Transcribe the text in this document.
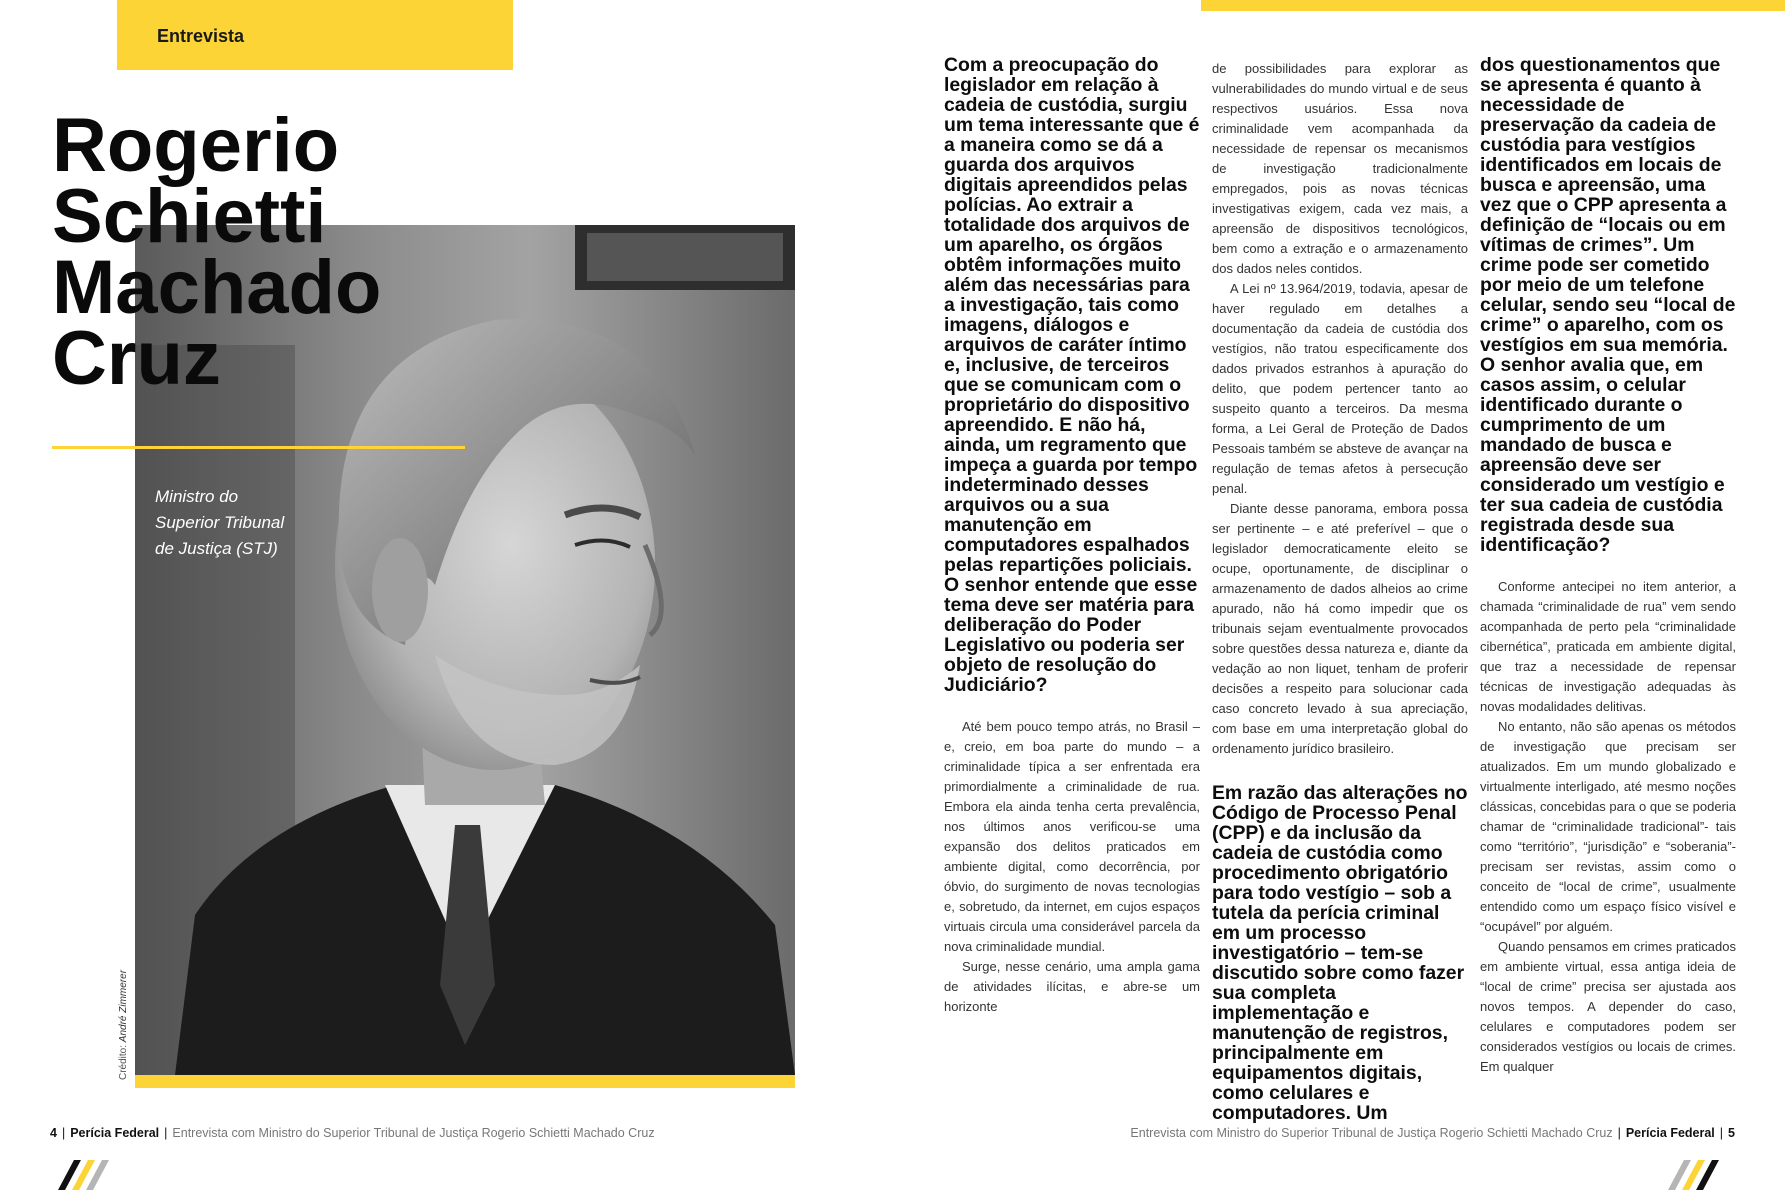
Entrevista
Crédito: André Zimmerer
Rogerio
Schietti
Machado
Cruz
Ministro do
Superior Tribunal
de Justiça (STJ)

Com a preocupação do legislador em relação à cadeia de custódia, surgiu um tema interessante que é a maneira como se dá a guarda dos arquivos digitais apreendidos pelas polícias. Ao extrair a totalidade dos arquivos de um aparelho, os órgãos obtêm informações muito além das necessárias para a investigação, tais como imagens, diálogos e arquivos de caráter íntimo e, inclusive, de terceiros que se comunicam com o proprietário do dispositivo apreendido. E não há, ainda, um regramento que impeça a guarda por tempo indeterminado desses arquivos ou a sua manutenção em computadores espalhados pelas repartições policiais. O senhor entende que esse tema deve ser matéria para deliberação do Poder Legislativo ou poderia ser objeto de resolução do Judiciário?

Até bem pouco tempo atrás, no Brasil – e, creio, em boa parte do mundo – a criminalidade típica a ser enfrentada era primordialmente a criminalidade de rua. Embora ela ainda tenha certa prevalência, nos últimos anos verificou-se uma expansão dos delitos praticados em ambiente digital, como decorrência, por óbvio, do surgimento de novas tecnologias e, sobretudo, da internet, em cujos espaços virtuais circula uma considerável parcela da nova criminalidade mundial.

Surge, nesse cenário, uma ampla gama de atividades ilícitas, e abre-se um horizonte

de possibilidades para explorar as vulnerabilidades do mundo virtual e de seus respectivos usuários. Essa nova criminalidade vem acompanhada da necessidade de repensar os mecanismos de investigação tradicionalmente empregados, pois as novas técnicas investigativas exigem, cada vez mais, a apreensão de dispositivos tecnológicos, bem como a extração e o armazenamento dos dados neles contidos.

A Lei nº 13.964/2019, todavia, apesar de haver regulado em detalhes a documentação da cadeia de custódia dos vestígios, não tratou especificamente dos dados privados estranhos à apuração do delito, que podem pertencer tanto ao suspeito quanto a terceiros. Da mesma forma, a Lei Geral de Proteção de Dados Pessoais também se absteve de avançar na regulação de temas afetos à persecução penal.

Diante desse panorama, embora possa ser pertinente – e até preferível – que o legislador democraticamente eleito se ocupe, oportunamente, de disciplinar o armazenamento de dados alheios ao crime apurado, não há como impedir que os tribunais sejam eventualmente provocados sobre questões dessa natureza e, diante da vedação ao non liquet, tenham de proferir decisões a respeito para solucionar cada caso concreto levado à sua apreciação, com base em uma interpretação global do ordenamento jurídico brasileiro.

Em razão das alterações no Código de Processo Penal (CPP) e da inclusão da cadeia de custódia como procedimento obrigatório para todo vestígio – sob a tutela da perícia criminal em um processo investigatório – tem-se discutido sobre como fazer sua completa implementação e manutenção de registros, principalmente em equipamentos digitais, como celulares e computadores. Um

dos questionamentos que se apresenta é quanto à necessidade de preservação da cadeia de custódia para vestígios identificados em locais de busca e apreensão, uma vez que o CPP apresenta a definição de “locais ou em vítimas de crimes”. Um crime pode ser cometido por meio de um telefone celular, sendo seu “local de crime” o aparelho, com os vestígios em sua memória. O senhor avalia que, em casos assim, o celular identificado durante o cumprimento de um mandado de busca e apreensão deve ser considerado um vestígio e ter sua cadeia de custódia registrada desde sua identificação?

Conforme antecipei no item anterior, a chamada “criminalidade de rua” vem sendo acompanhada de perto pela “criminalidade cibernética”, praticada em ambiente digital, que traz a necessidade de repensar técnicas de investigação adequadas às novas modalidades delitivas.

No entanto, não são apenas os métodos de investigação que precisam ser atualizados. Em um mundo globalizado e virtualmente interligado, até mesmo noções clássicas, concebidas para o que se poderia chamar de “criminalidade tradicional”- tais como “território”, “jurisdição” e “soberania”- precisam ser revistas, assim como o conceito de “local de crime”, usualmente entendido como um espaço físico visível e “ocupável” por alguém.

Quando pensamos em crimes praticados em ambiente virtual, essa antiga ideia de “local de crime” precisa ser ajustada aos novos tempos. A depender do caso, celulares e computadores podem ser considerados vestígios ou locais de crimes. Em qualquer

4 | Perícia Federal | Entrevista com Ministro do Superior Tribunal de Justiça Rogerio Schietti Machado Cruz	Entrevista com Ministro do Superior Tribunal de Justiça Rogerio Schietti Machado Cruz | Perícia Federal | 5
